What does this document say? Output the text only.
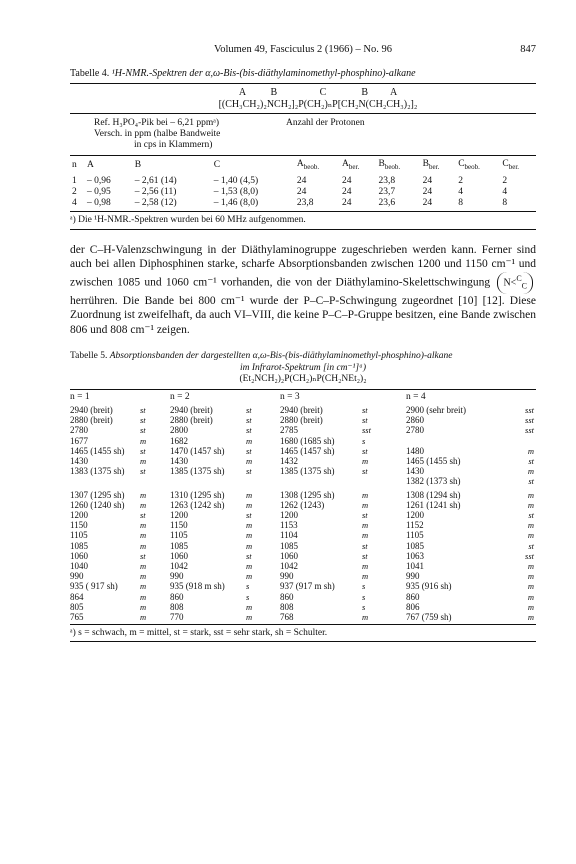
Volumen 49, Fasciculus 2 (1966) – No. 96	847
Tabelle 4. ¹H-NMR.-Spektren der α,ω-Bis-(bis-diäthylaminomethyl-phosphino)-alkane
A          B                 C              B         A
[(CH₃CH₂)₂NCH₂]₂P(CH₂)ₙP[CH₂N(CH₂CH₃)₂]₂
Ref. H₃PO₄-Pik bei – 6,21 ppmᵃ)
Versch. in ppm (halbe Bandweite
in cps in Klammern)
Anzahl der Protonen
n	A	B	C	$A_{beob.}$	$A_{ber.}$	$B_{beob.}$	$B_{ber.}$	$C_{beob.}$	$C_{ber.}$
1	– 0,96	– 2,61 (14)	– 1,40 (4,5)	24	24	23,8	24	2	2
2	– 0,95	– 2,56 (11)	– 1,53 (8,0)	24	24	23,7	24	4	4
4	– 0,98	– 2,58 (12)	– 1,46 (8,0)	23,8	24	23,6	24	8	8
ᵃ) Die ¹H-NMR.-Spektren wurden bei 60 MHz aufgenommen.

der C–H-Valenzschwingung in der Diäthylaminogruppe zugeschrieben werden kann. Ferner sind auch bei allen Diphosphinen starke, scharfe Absorptionsbanden zwischen 1200 und 1150 cm⁻¹ und zwischen 1085 und 1060 cm⁻¹ vorhanden, die von der Diäthylamino-Skelettschwingung N<$^C_C$ herrühren. Die Bande bei 800 cm⁻¹ wurde der P–C–P-Schwingung zugeordnet [10] [12]. Diese Zuordnung ist zweifelhaft, da auch VI–VIII, die keine P–C–P-Gruppe besitzen, eine Bande zwischen 806 und 808 cm⁻¹ zeigen.

Tabelle 5. Absorptionsbanden der dargestellten α,ω-Bis-(bis-diäthylaminomethyl-phosphino)-alkane
im Infrarot-Spektrum [in cm⁻¹]ᵃ)
(Et₂NCH₂)₂P(CH₂)ₙP(CH₂NEt₂)₂
n = 1		n = 2		n = 3		n = 4	
2940 (breit)	st	2940 (breit)	st	2940 (breit)	st	2900 (sehr breit)	sst
2880 (breit)	st	2880 (breit)	st	2880 (breit)	st	2860	sst
2780	st	2800	st	2785	sst	2780	sst
1677	m	1682	m	1680 (1685 sh)	s		
1465 (1455 sh)	st	1470 (1457 sh)	st	1465 (1457 sh)	st	1480	m
1430	m	1430	m	1432	m	1465 (1455 sh)	st
1383 (1375 sh)	st	1385 (1375 sh)	st	1385 (1375 sh)	st	1430	m
						1382 (1373 sh)	st
1307 (1295 sh)	m	1310 (1295 sh)	m	1308 (1295 sh)	m	1308 (1294 sh)	m
1260 (1240 sh)	m	1263 (1242 sh)	m	1262 (1243)	m	1261 (1241 sh)	m
1200	st	1200	st	1200	st	1200	st
1150	m	1150	m	1153	m	1152	m
1105	m	1105	m	1104	m	1105	m
1085	m	1085	m	1085	st	1085	st
1060	st	1060	st	1060	st	1063	sst
1040	m	1042	m	1042	m	1041	m
990	m	990	m	990	m	990	m
935 ( 917 sh)	m	935 (918 m sh)	s	937 (917 m sh)	s	935 (916 sh)	m
864	m	860	s	860	s	860	m
805	m	808	m	808	s	806	m
765	m	770	m	768	m	767 (759 sh)	m
ᵃ) s = schwach, m = mittel, st = stark, sst = sehr stark, sh = Schulter.
